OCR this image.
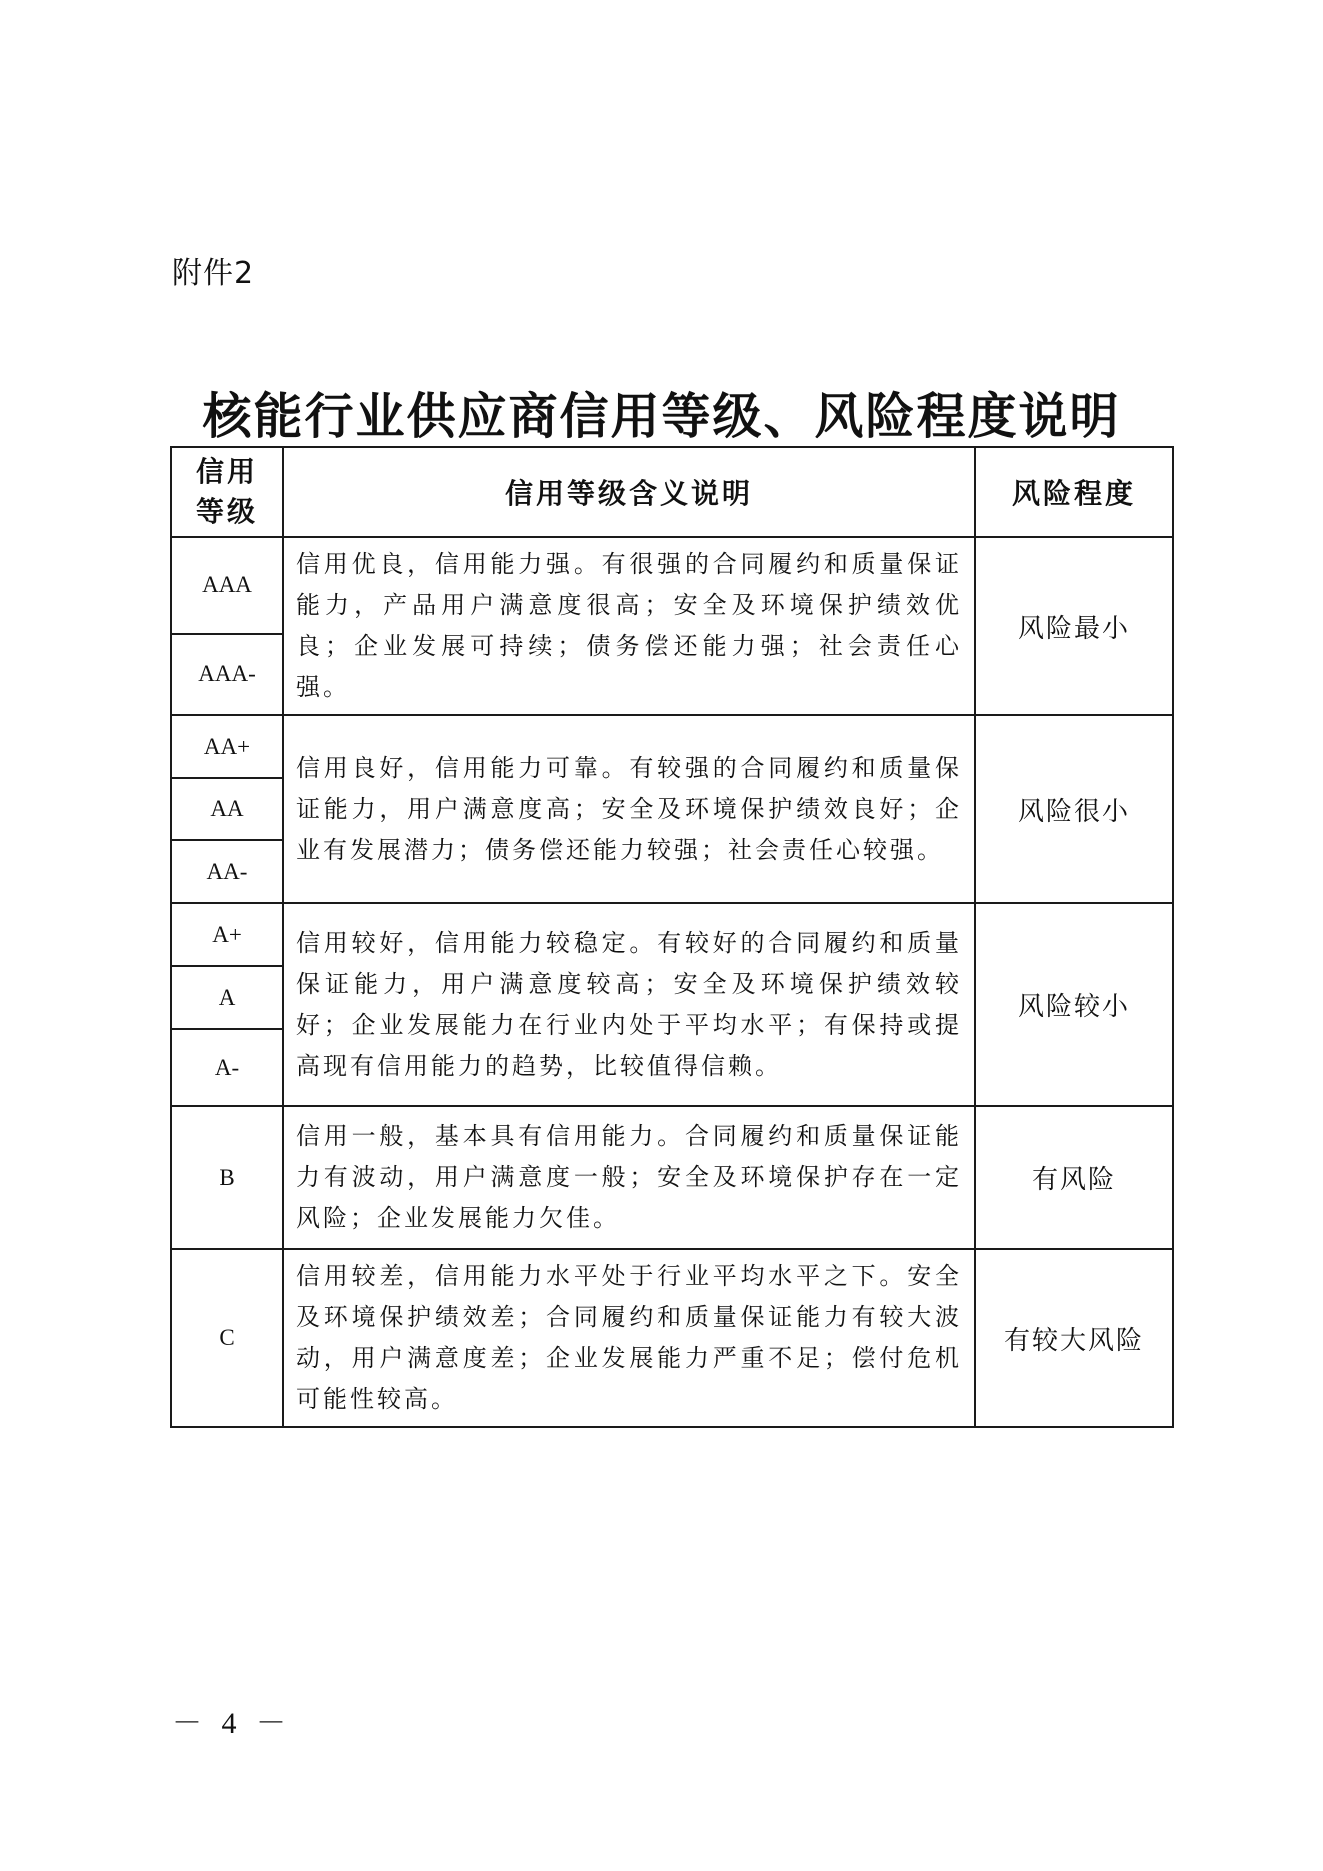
附件2
核能行业供应商信用等级、风险程度说明
信用
等级	信用等级含义说明	风险程度
AAA	信用优良，信用能力强。有很强的合同履约和质量保证能力，产品用户满意度很高；安全及环境保护绩效优良；企业发展可持续；债务偿还能力强；社会责任心强。	风险最小
AAA-		
AA+	信用良好，信用能力可靠。有较强的合同履约和质量保证能力，用户满意度高；安全及环境保护绩效良好；企业有发展潜力；债务偿还能力较强；社会责任心较强。	风险很小
AA		
AA-		
A+	信用较好，信用能力较稳定。有较好的合同履约和质量保证能力，用户满意度较高；安全及环境保护绩效较好；企业发展能力在行业内处于平均水平；有保持或提高现有信用能力的趋势，比较值得信赖。	风险较小
A		
A-		
B	信用一般，基本具有信用能力。合同履约和质量保证能力有波动，用户满意度一般；安全及环境保护存在一定风险；企业发展能力欠佳。	有风险
C	信用较差，信用能力水平处于行业平均水平之下。安全及环境保护绩效差；合同履约和质量保证能力有较大波动，用户满意度差；企业发展能力严重不足；偿付危机可能性较高。	有较大风险
－ 4 －
